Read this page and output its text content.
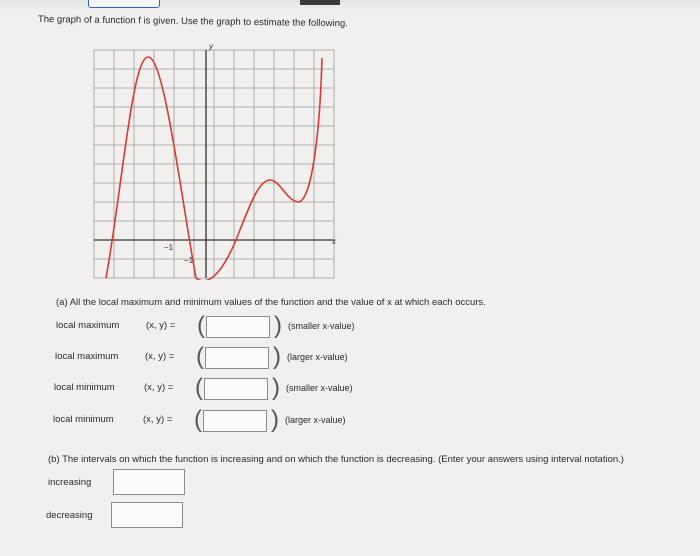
The graph of a function f is given. Use the graph to estimate the following.
y
x
−1
−1
(a) All the local maximum and minimum values of the function and the value of x at which each occurs.
local maximum	(x, y) = (	) (smaller x-value)
local maximum	(x, y) = (	) (larger x-value)
local minimum	(x, y) = (	) (smaller x-value)
local minimum	(x, y) = (	) (larger x-value)
(b) The intervals on which the function is increasing and on which the function is decreasing. (Enter your answers using interval notation.)
increasing
decreasing
